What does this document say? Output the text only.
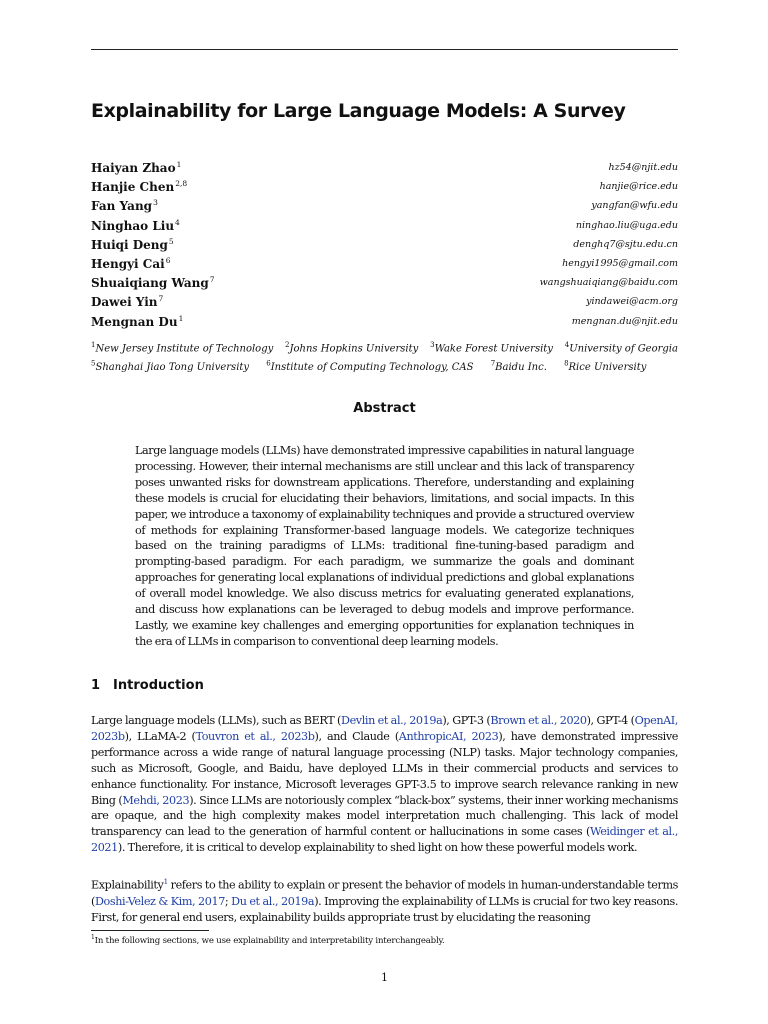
Explainability for Large Language Models: A Survey
Haiyan Zhao$^1$	hz54@njit.edu
Hanjie Chen$^{2,8}$	hanjie@rice.edu
Fan Yang$^3$	yangfan@wfu.edu
Ninghao Liu$^4$	ninghao.liu@uga.edu
Huiqi Deng$^5$	denghq7@sjtu.edu.cn
Hengyi Cai$^6$	hengyi1995@gmail.com
Shuaiqiang Wang$^7$	wangshuaiqiang@baidu.com
Dawei Yin$^7$	yindawei@acm.org
Mengnan Du$^1$	mengnan.du@njit.edu
$^1$New Jersey Institute of Technology $^2$Johns Hopkins University $^3$Wake Forest University $^4$University of Georgia
$^5$Shanghai Jiao Tong University $^6$Institute of Computing Technology, CAS $^7$Baidu Inc. $^8$Rice University
Abstract
Large language models (LLMs) have demonstrated impressive capabilities in natural language processing. However, their internal mechanisms are still unclear and this lack of transparency poses unwanted risks for downstream applications. Therefore, understanding and explaining these models is crucial for elucidating their behaviors, limitations, and social impacts. In this paper, we introduce a taxonomy of explainability techniques and provide a structured overview of methods for explaining Transformer-based language models. We categorize techniques based on the training paradigms of LLMs: traditional fine-tuning-based paradigm and prompting-based paradigm. For each paradigm, we summarize the goals and dominant approaches for generating local explanations of individual predictions and global explanations of overall model knowledge. We also discuss metrics for evaluating generated explanations, and discuss how explanations can be leveraged to debug models and improve performance. Lastly, we examine key challenges and emerging opportunities for explanation techniques in the era of LLMs in comparison to conventional deep learning models.
1 Introduction
Large language models (LLMs), such as BERT (Devlin et al., 2019a), GPT-3 (Brown et al., 2020), GPT-4 (OpenAI, 2023b), LLaMA-2 (Touvron et al., 2023b), and Claude (AnthropicAI, 2023), have demonstrated impressive performance across a wide range of natural language processing (NLP) tasks. Major technology companies, such as Microsoft, Google, and Baidu, have deployed LLMs in their commercial products and services to enhance functionality. For instance, Microsoft leverages GPT-3.5 to improve search relevance ranking in new Bing (Mehdi, 2023). Since LLMs are notoriously complex “black-box” systems, their inner working mechanisms are opaque, and the high complexity makes model interpretation much challenging. This lack of model transparency can lead to the generation of harmful content or hallucinations in some cases (Weidinger et al., 2021). Therefore, it is critical to develop explainability to shed light on how these powerful models work.
Explainability$^1$ refers to the ability to explain or present the behavior of models in human-understandable terms (Doshi-Velez & Kim, 2017; Du et al., 2019a). Improving the explainability of LLMs is crucial for two key reasons. First, for general end users, explainability builds appropriate trust by elucidating the reasoning
$^1$In the following sections, we use explainability and interpretability interchangeably.
1
